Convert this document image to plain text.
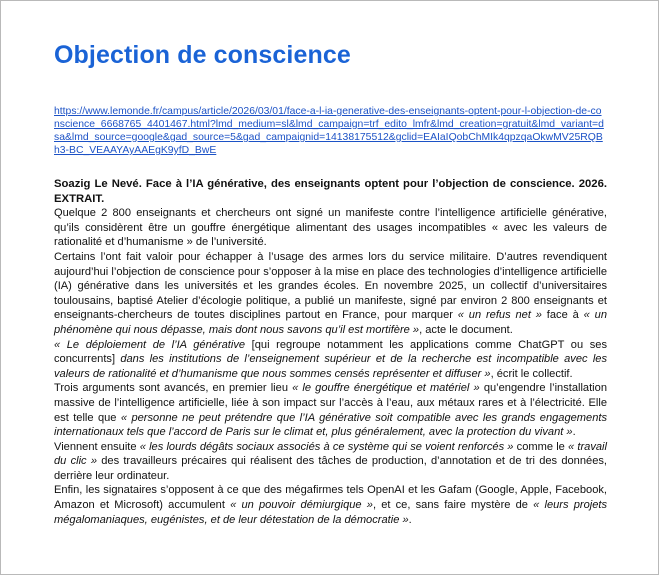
Objection de conscience
https://www.lemonde.fr/campus/article/2026/03/01/face-a-l-ia-generative-des-enseignants-optent-pour-l-objection-de-conscience_6668765_4401467.html?lmd_medium=sl&lmd_campaign=trf_edito_lmfr&lmd_creation=gratuit&lmd_variant=dsa&lmd_source=google&gad_source=5&gad_campaignid=14138175512&gclid=EAIaIQobChMIk4qpzqaOkwMV25RQBh3-BC_VEAAYAyAAEgK9yfD_BwE

Soazig Le Nevé. Face à l’IA générative, des enseignants optent pour l’objection de conscience. 2026. EXTRAIT.

Quelque 2 800 enseignants et chercheurs ont signé un manifeste contre l’intelligence artificielle générative, qu’ils considèrent être un gouffre énergétique alimentant des usages incompatibles « avec les valeurs de rationalité et d’humanisme » de l’université.

Certains l’ont fait valoir pour échapper à l’usage des armes lors du service militaire. D’autres revendiquent aujourd’hui l’objection de conscience pour s’opposer à la mise en place des technologies d’intelligence artificielle (IA) générative dans les universités et les grandes écoles. En novembre 2025, un collectif d’universitaires toulousains, baptisé Atelier d’écologie politique, a publié un manifeste, signé par environ 2 800 enseignants et enseignants-chercheurs de toutes disciplines partout en France, pour marquer « un refus net » face à « un phénomène qui nous dépasse, mais dont nous savons qu’il est mortifère », acte le document.

« Le déploiement de l’IA générative [qui regroupe notamment les applications comme ChatGPT ou ses concurrents] dans les institutions de l’enseignement supérieur et de la recherche est incompatible avec les valeurs de rationalité et d’humanisme que nous sommes censés représenter et diffuser », écrit le collectif.

Trois arguments sont avancés, en premier lieu « le gouffre énergétique et matériel » qu’engendre l’installation massive de l’intelligence artificielle, liée à son impact sur l’accès à l’eau, aux métaux rares et à l’électricité. Elle est telle que « personne ne peut prétendre que l’IA générative soit compatible avec les grands engagements internationaux tels que l’accord de Paris sur le climat et, plus généralement, avec la protection du vivant ».

Viennent ensuite « les lourds dégâts sociaux associés à ce système qui se voient renforcés » comme le « travail du clic » des travailleurs précaires qui réalisent des tâches de production, d’annotation et de tri des données, derrière leur ordinateur.

Enfin, les signataires s’opposent à ce que des mégafirmes tels OpenAI et les Gafam (Google, Apple, Facebook, Amazon et Microsoft) accumulent « un pouvoir démiurgique », et ce, sans faire mystère de « leurs projets mégalomaniaques, eugénistes, et de leur détestation de la démocratie ».
